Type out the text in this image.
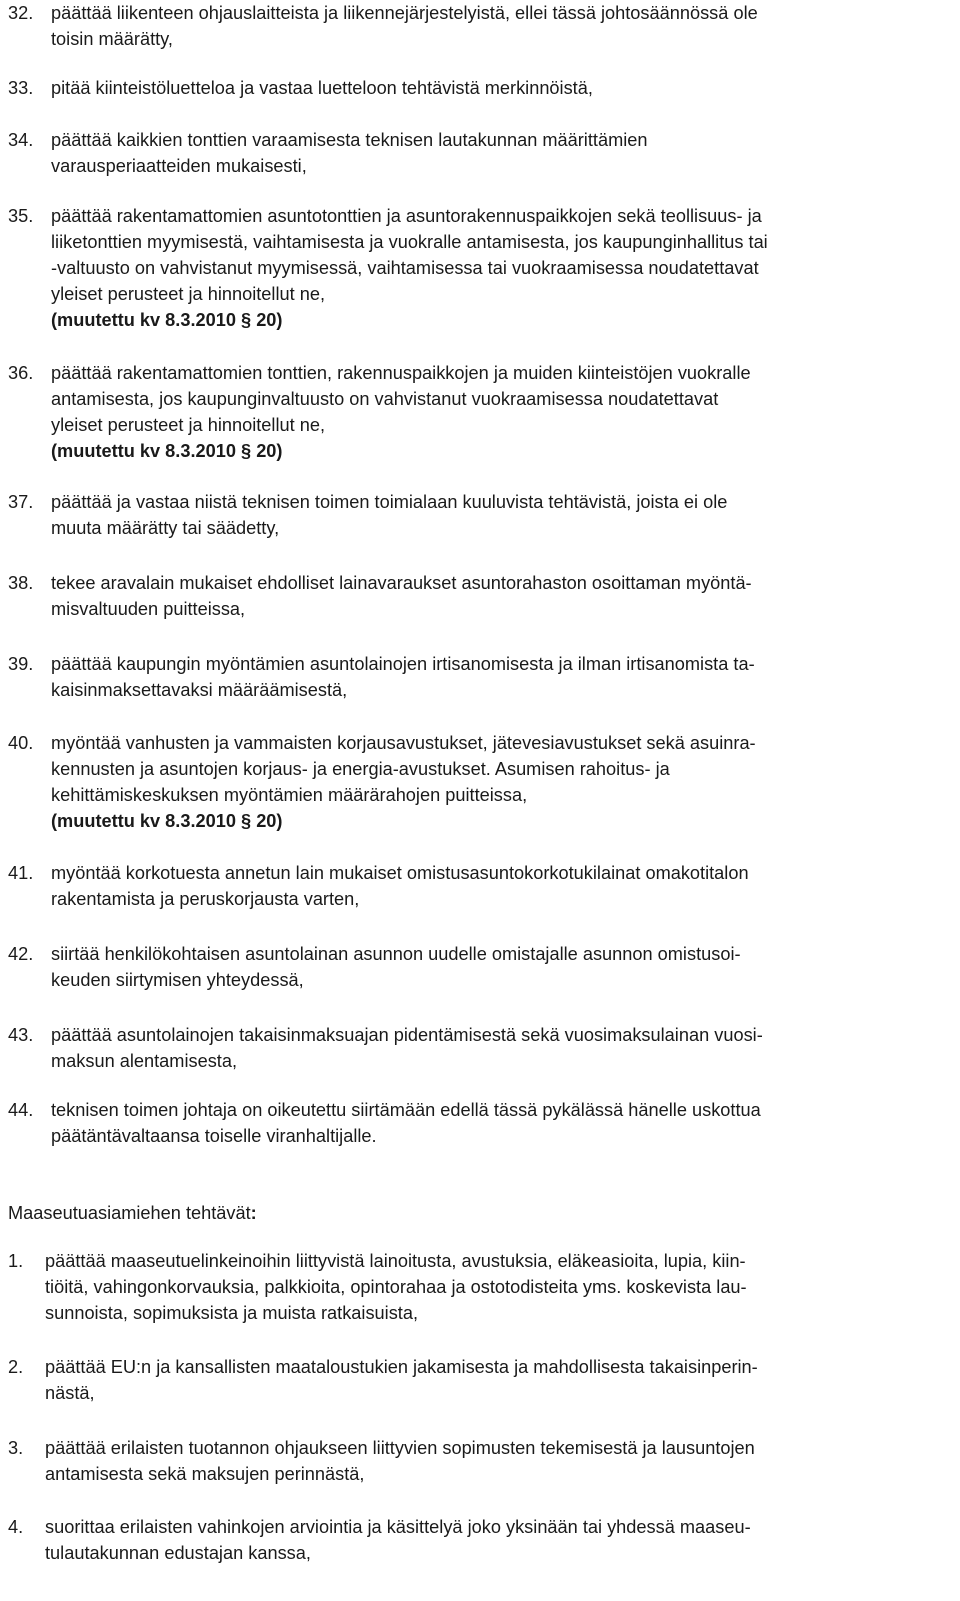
32. päättää liikenteen ohjauslaitteista ja liikennejärjestelyistä, ellei tässä johtosäännössä ole
toisin määrätty,
33. pitää kiinteistöluetteloa ja vastaa luetteloon tehtävistä merkinnöistä,
34. päättää kaikkien tonttien varaamisesta teknisen lautakunnan määrittämien
varausperiaatteiden mukaisesti,
35. päättää rakentamattomien asuntotonttien ja asuntorakennuspaikkojen sekä teollisuus- ja
liiketonttien myymisestä, vaihtamisesta ja vuokralle antamisesta, jos kaupunginhallitus tai
-valtuusto on vahvistanut myymisessä, vaihtamisessa tai vuokraamisessa noudatettavat
yleiset perusteet ja hinnoitellut ne,
(muutettu kv 8.3.2010 § 20)
36. päättää rakentamattomien tonttien, rakennuspaikkojen ja muiden kiinteistöjen vuokralle
antamisesta, jos kaupunginvaltuusto on vahvistanut vuokraamisessa noudatettavat
yleiset perusteet ja hinnoitellut ne,
(muutettu kv 8.3.2010 § 20)
37. päättää ja vastaa niistä teknisen toimen toimialaan kuuluvista tehtävistä, joista ei ole
muuta määrätty tai säädetty,
38. tekee aravalain mukaiset ehdolliset lainavaraukset asuntorahaston osoittaman myöntä-
misvaltuuden puitteissa,
39. päättää kaupungin myöntämien asuntolainojen irtisanomisesta ja ilman irtisanomista ta-
kaisinmaksettavaksi määräämisestä,
40. myöntää vanhusten ja vammaisten korjausavustukset, jätevesiavustukset sekä asuinra-
kennusten ja asuntojen korjaus- ja energia-avustukset. Asumisen rahoitus- ja
kehittämiskeskuksen myöntämien määrärahojen puitteissa,
(muutettu kv 8.3.2010 § 20)
41. myöntää korkotuesta annetun lain mukaiset omistusasuntokorkotukilainat omakotitalon
rakentamista ja peruskorjausta varten,
42. siirtää henkilökohtaisen asuntolainan asunnon uudelle omistajalle asunnon omistusoi-
keuden siirtymisen yhteydessä,
43. päättää asuntolainojen takaisinmaksuajan pidentämisestä sekä vuosimaksulainan vuosi-
maksun alentamisesta,
44. teknisen toimen johtaja on oikeutettu siirtämään edellä tässä pykälässä hänelle uskottua
päätäntävaltaansa toiselle viranhaltijalle.
Maaseutuasiamiehen tehtävät:
1. päättää maaseutuelinkeinoihin liittyvistä lainoitusta, avustuksia, eläkeasioita, lupia, kiin-
tiöitä, vahingonkorvauksia, palkkioita, opintorahaa ja ostotodisteita yms. koskevista lau-
sunnoista, sopimuksista ja muista ratkaisuista,
2. päättää EU:n ja kansallisten maataloustukien jakamisesta ja mahdollisesta takaisinperin-
nästä,
3. päättää erilaisten tuotannon ohjaukseen liittyvien sopimusten tekemisestä ja lausuntojen
antamisesta sekä maksujen perinnästä,
4. suorittaa erilaisten vahinkojen arviointia ja käsittelyä joko yksinään tai yhdessä maaseu-
tulautakunnan edustajan kanssa,
